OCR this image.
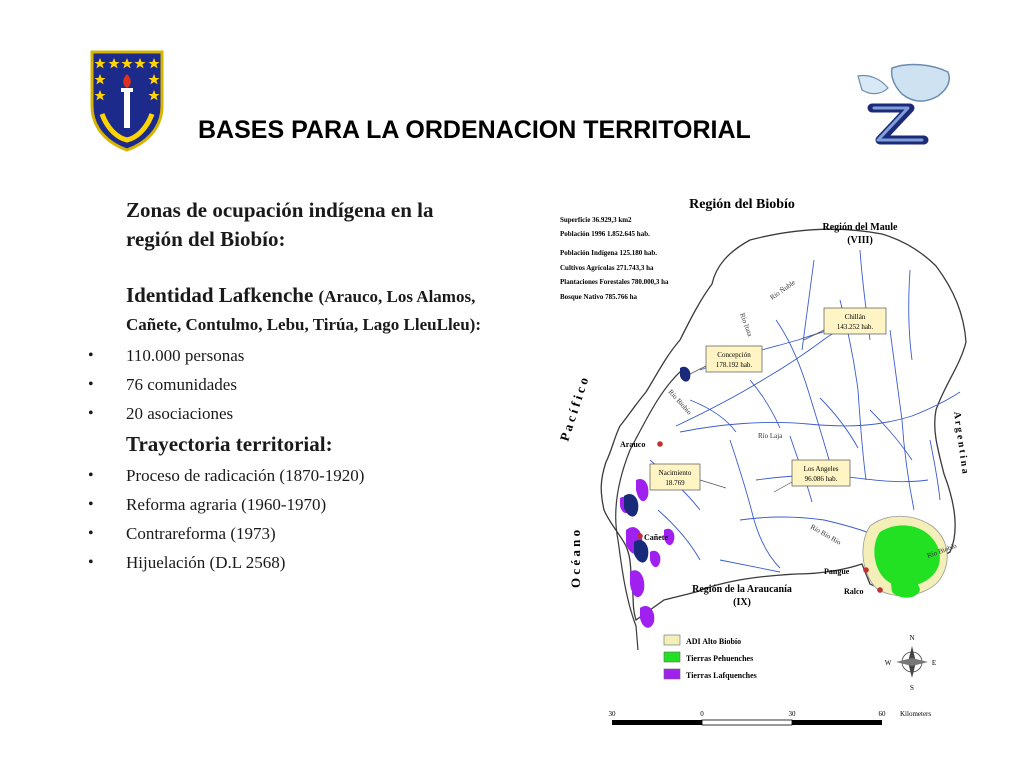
BASES PARA LA ORDENACION TERRITORIAL
Zonas de ocupación indígena en la región del Biobío:
Identidad Lafkenche (Arauco, Los Alamos, Cañete, Contulmo, Lebu, Tirúa, Lago LleuLleu):
• 110.000 personas
• 76 comunidades
• 20 asociaciones
Trayectoria territorial:
• Proceso de radicación (1870-1920)
• Reforma agraria (1960-1970)
• Contrareforma (1973)
• Hijuelación (D.L 2568)
Región del Biobío
Superficie 36.929,3 km2
Población 1996 1.852.645 hab.
Población Indígena 125.180 hab.
Cultivos Agrícolas 271.743,3 ha
Plantaciones Forestales 780.000,3 ha
Bosque Nativo 785.766 ha
Región del Maule
(VIII)
Región de la Araucanía
(IX)
O c é a n o
P a c í f i c o	A r g e n t i n a
Río Ñuble
Río Itata
Río Biobío
Río Laja
Río Bío Bío
Río Biobío
Chillán
143.252 hab.
Concepción
178.192 hab.
Nacimiento
18.769
Los Angeles
96.086 hab.
Arauco
Cañete
Pangue
Ralco
ADI Alto Biobío
Tierras Pehuenches
Tierras Lafquenches
N
E
S
W
30	0	30	60 Kilometers
